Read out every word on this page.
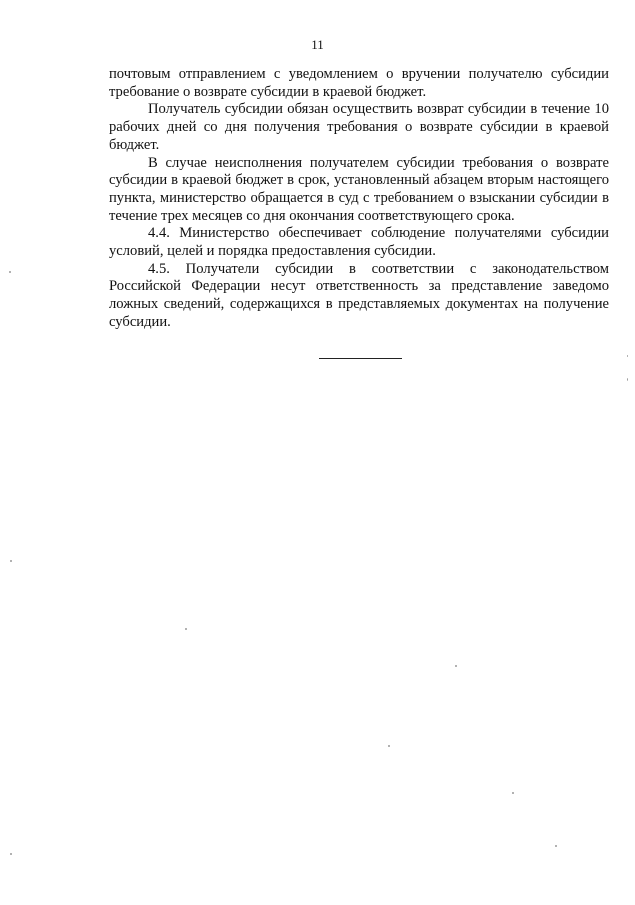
11

почтовым отправлением с уведомлением о вручении получателю субсидии требование о возврате субсидии в краевой бюджет.

Получатель субсидии обязан осуществить возврат субсидии в течение 10 рабочих дней со дня получения требования о возврате субсидии в краевой бюджет.

В случае неисполнения получателем субсидии требования о возврате субсидии в краевой бюджет в срок, установленный абзацем вторым настоящего пункта, министерство обращается в суд с требованием о взыскании субсидии в течение трех месяцев со дня окончания соответствующего срока.

4.4. Министерство обеспечивает соблюдение получателями субсидии условий, целей и порядка предоставления субсидии.

4.5. Получатели субсидии в соответствии с законодательством Российской Федерации несут ответственность за представление заведомо ложных сведений, содержащихся в представляемых документах на получение субсидии.
